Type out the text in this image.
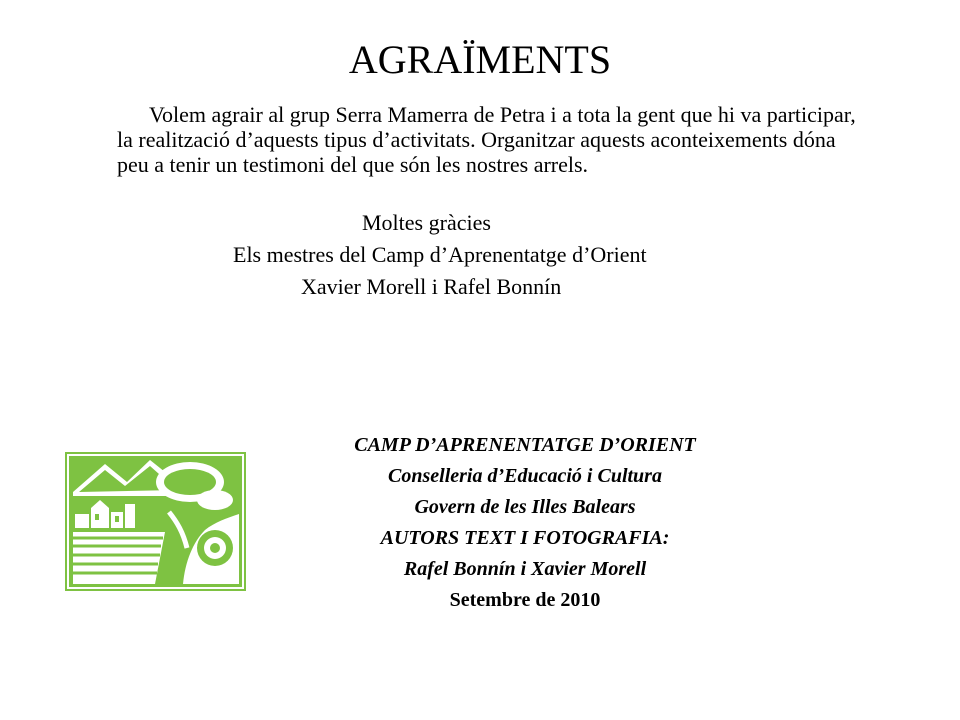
AGRAÏMENTS
Volem agrair al grup Serra Mamerra de Petra i a tota la gent que hi va participar, la realització d’aquests tipus d’activitats. Organitzar aquests aconteixements dóna peu a tenir un testimoni del que són les nostres arrels.
Moltes gràcies
Els mestres del Camp d’Aprenentatge d’Orient
Xavier Morell i Rafel Bonnín
CAMP D’APRENENTATGE D’ORIENT
Conselleria d’Educació i Cultura
Govern de les Illes Balears
AUTORS TEXT I FOTOGRAFIA:
Rafel Bonnín i Xavier Morell
Setembre de 2010
